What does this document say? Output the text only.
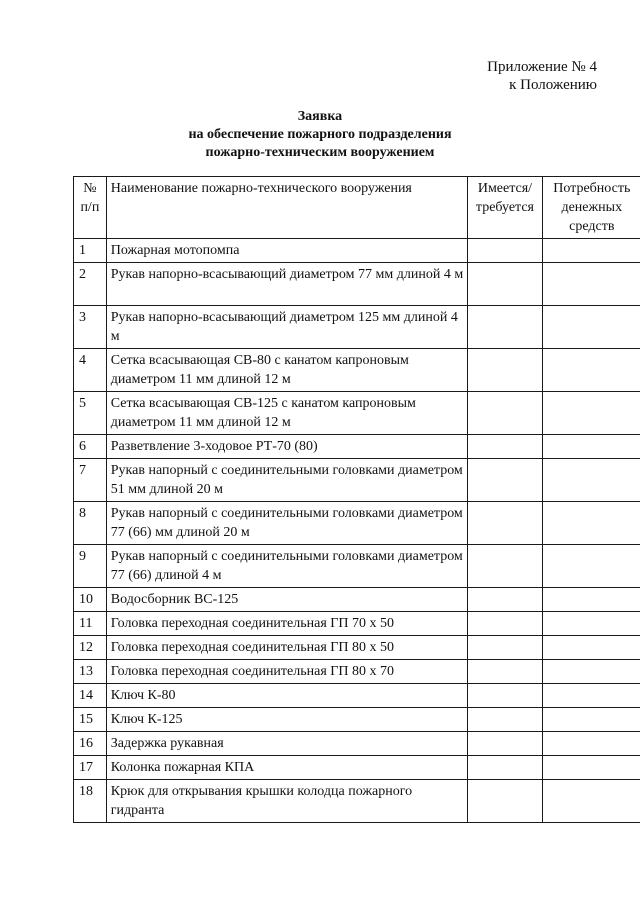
Приложение № 4
к Положению
Заявка
на обеспечение пожарного подразделения
пожарно-техническим вооружением
№ п/п	Наименование пожарно-технического вооружения	Имеется/ требуется	Потребность денежных средств
1	Пожарная мотопомпа		
2	Рукав напорно-всасывающий диаметром 77 мм длиной 4 м		
3	Рукав напорно-всасывающий диаметром 125 мм длиной 4 м		
4	Сетка всасывающая СВ-80 с канатом капроновым диаметром 11 мм длиной 12 м		
5	Сетка всасывающая СВ-125 с канатом капроновым диаметром 11 мм длиной 12 м		
6	Разветвление 3-ходовое РТ-70 (80)		
7	Рукав напорный с соединительными головками диаметром 51 мм длиной 20 м		
8	Рукав напорный с соединительными головками диаметром 77 (66) мм длиной 20 м		
9	Рукав напорный с соединительными головками диаметром 77 (66) длиной 4 м		
10	Водосборник ВС-125		
11	Головка переходная соединительная ГП 70 х 50		
12	Головка переходная соединительная ГП 80 х 50		
13	Головка переходная соединительная ГП 80 х 70		
14	Ключ К-80		
15	Ключ К-125		
16	Задержка рукавная		
17	Колонка пожарная КПА		
18	Крюк для открывания крышки колодца пожарного гидранта		
